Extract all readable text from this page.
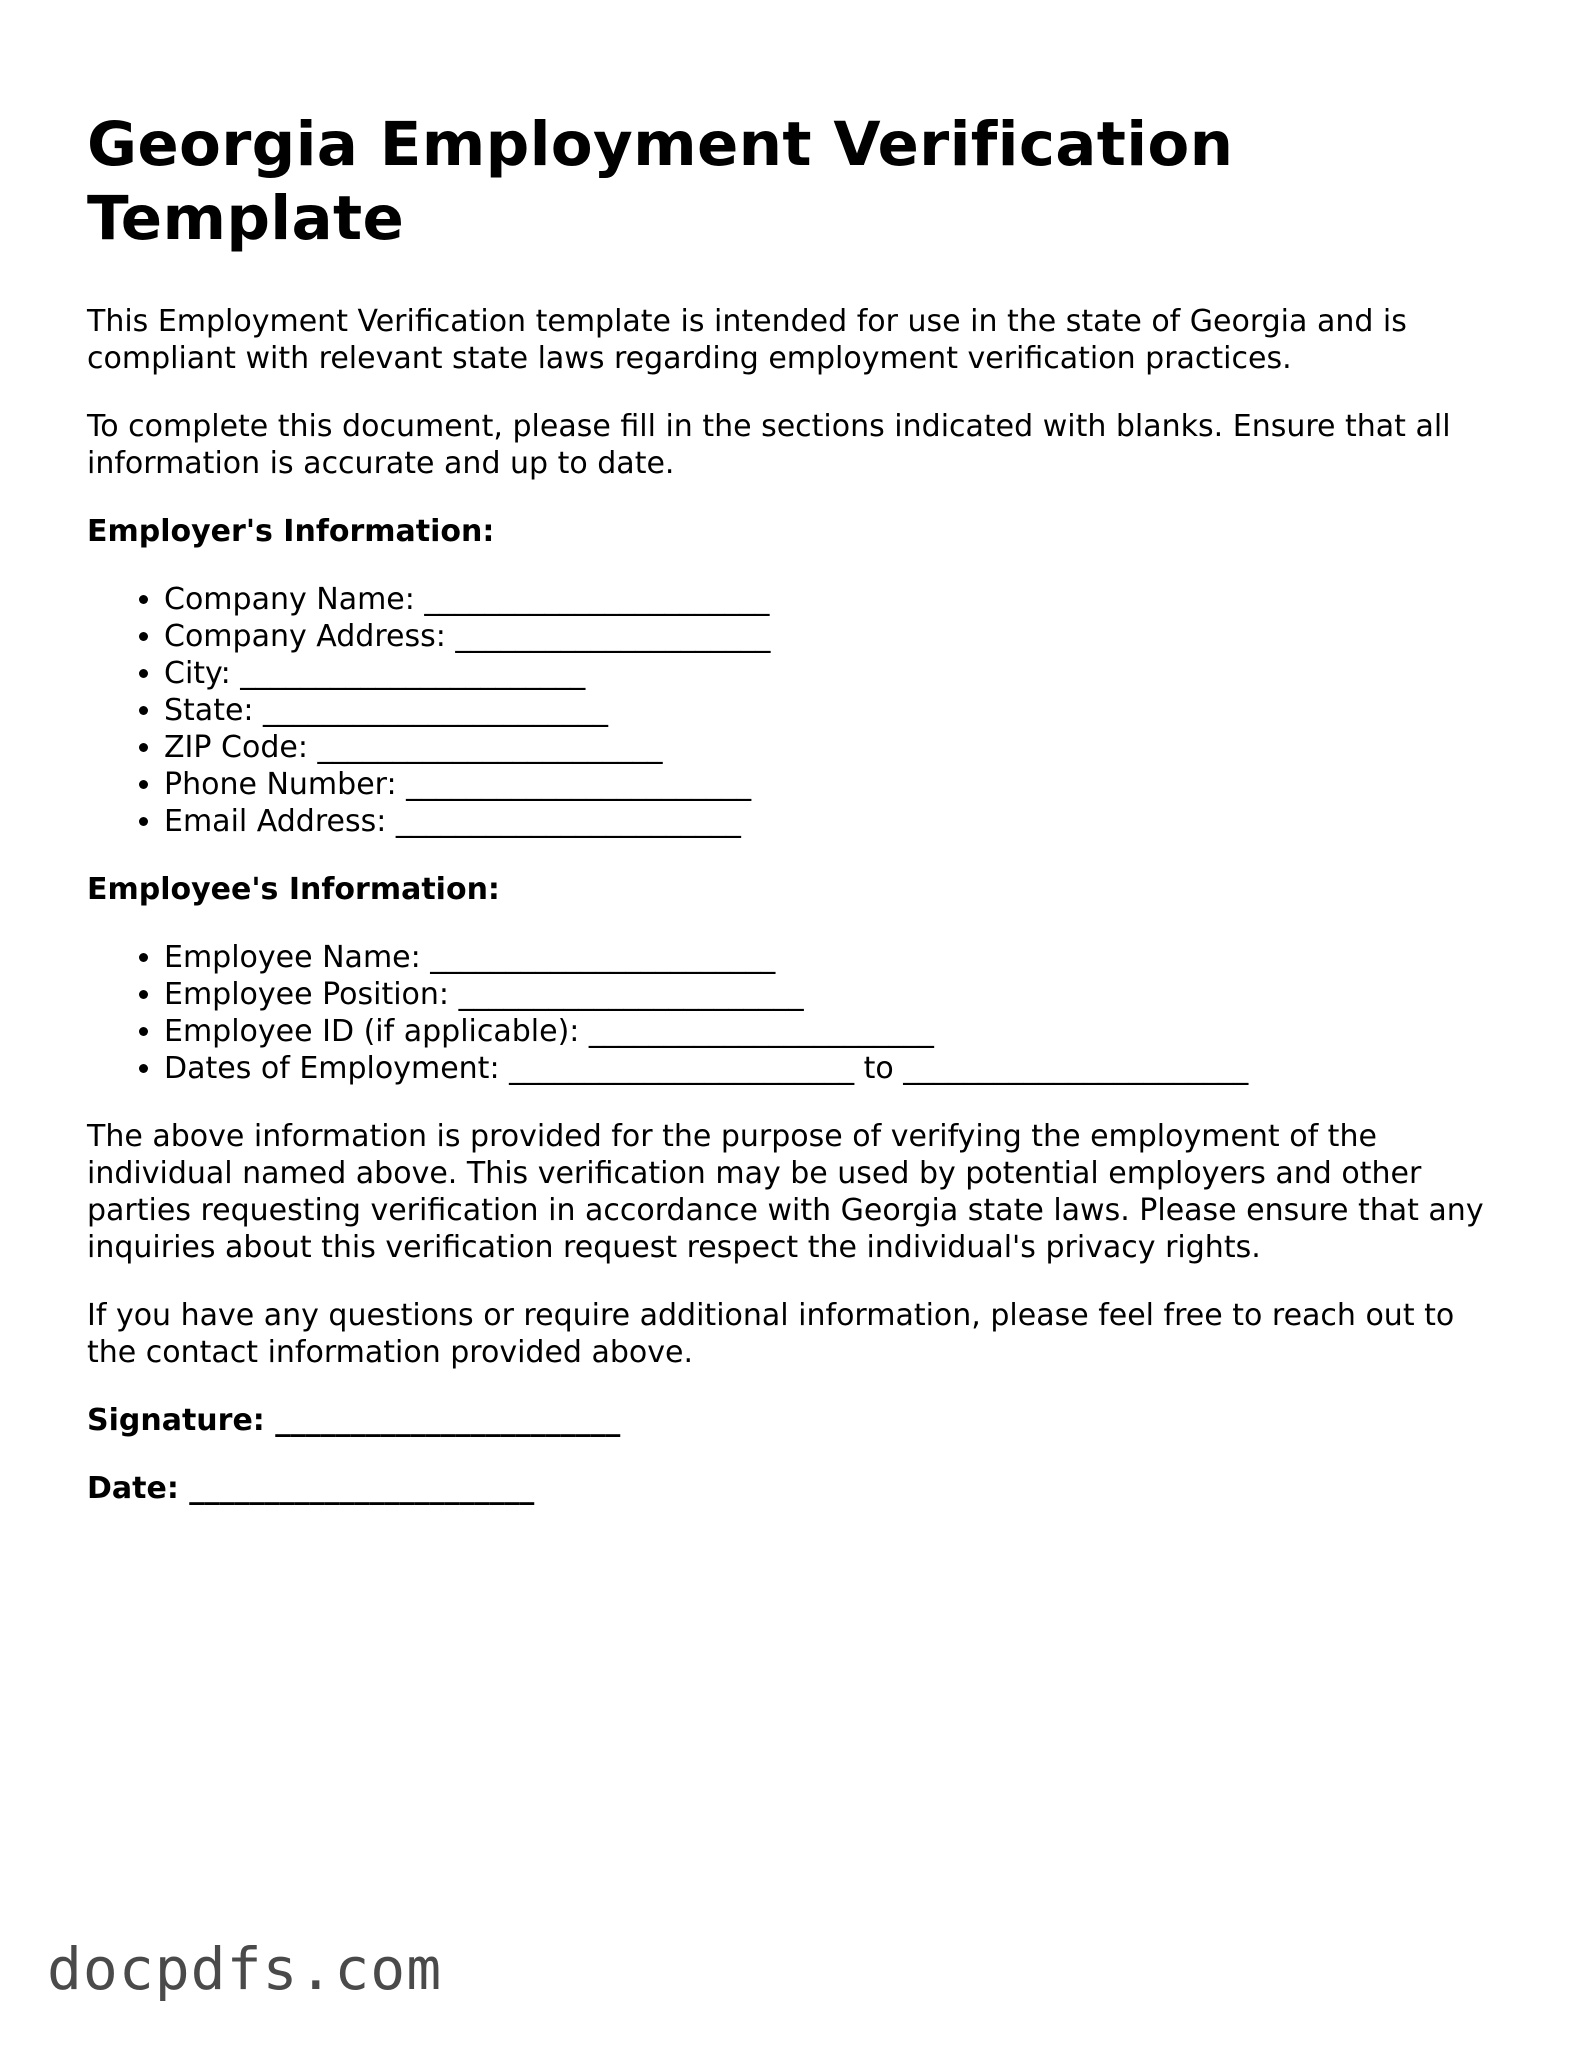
Georgia Employment Verification Template

This Employment Verification template is intended for use in the state of Georgia and is compliant with relevant state laws regarding employment verification practices.

To complete this document, please fill in the sections indicated with blanks. Ensure that all information is accurate and up to date.

Employer's Information:
• Company Name: _______________________
• Company Address: _____________________
• City: _______________________
• State: _______________________
• ZIP Code: _______________________
• Phone Number: _______________________
• Email Address: _______________________
Employee's Information:
• Employee Name: _______________________
• Employee Position: _______________________
• Employee ID (if applicable): _______________________
• Dates of Employment: _______________________ to _______________________

The above information is provided for the purpose of verifying the employment of the individual named above. This verification may be used by potential employers and other parties requesting verification in accordance with Georgia state laws. Please ensure that any inquiries about this verification request respect the individual's privacy rights.

If you have any questions or require additional information, please feel free to reach out to the contact information provided above.

Signature: _______________________
Date: _______________________
docpdfs.com
